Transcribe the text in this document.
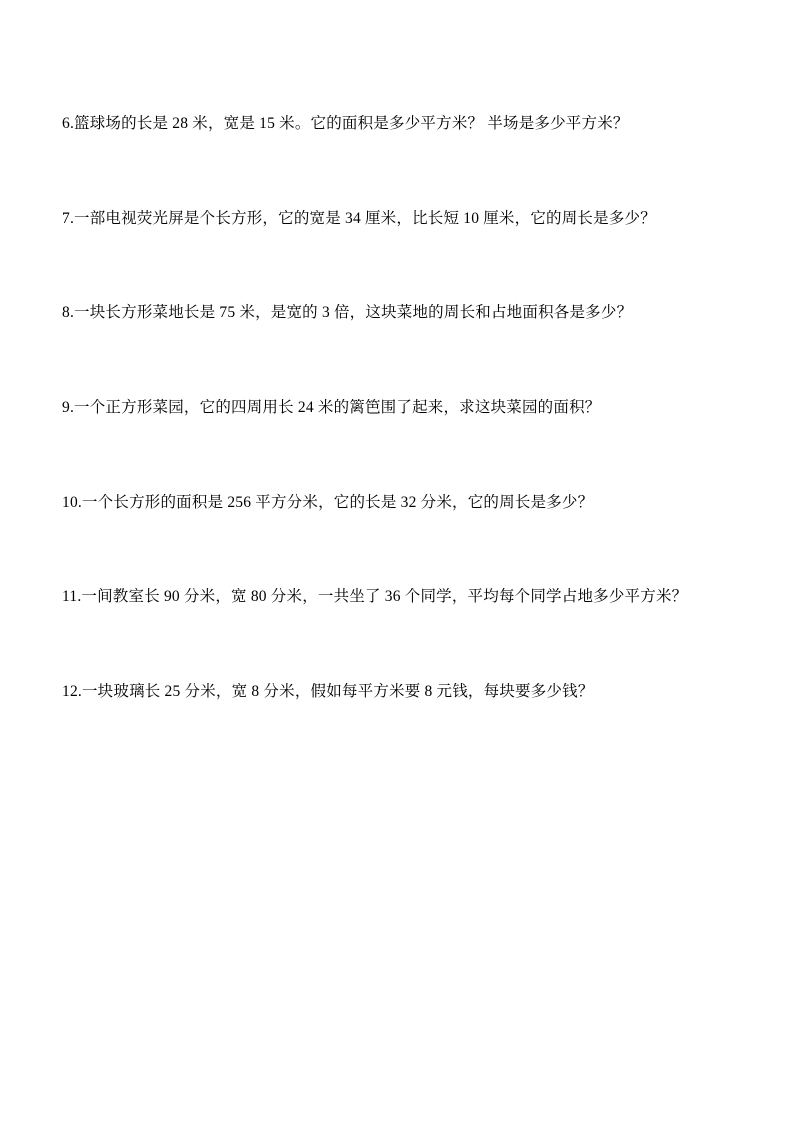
6.篮球场的长是 28 米，宽是 15 米。它的面积是多少平方米？ 半场是多少平方米？

7.一部电视荧光屏是个长方形，它的宽是 34 厘米，比长短 10 厘米，它的周长是多少？

8.一块长方形菜地长是 75 米，是宽的 3 倍，这块菜地的周长和占地面积各是多少？

9.一个正方形菜园，它的四周用长 24 米的篱笆围了起来，求这块菜园的面积？

10.一个长方形的面积是 256 平方分米，它的长是 32 分米，它的周长是多少？

11.一间教室长 90 分米，宽 80 分米，一共坐了 36 个同学，平均每个同学占地多少平方米？

12.一块玻璃长 25 分米，宽 8 分米，假如每平方米要 8 元钱，每块要多少钱？
